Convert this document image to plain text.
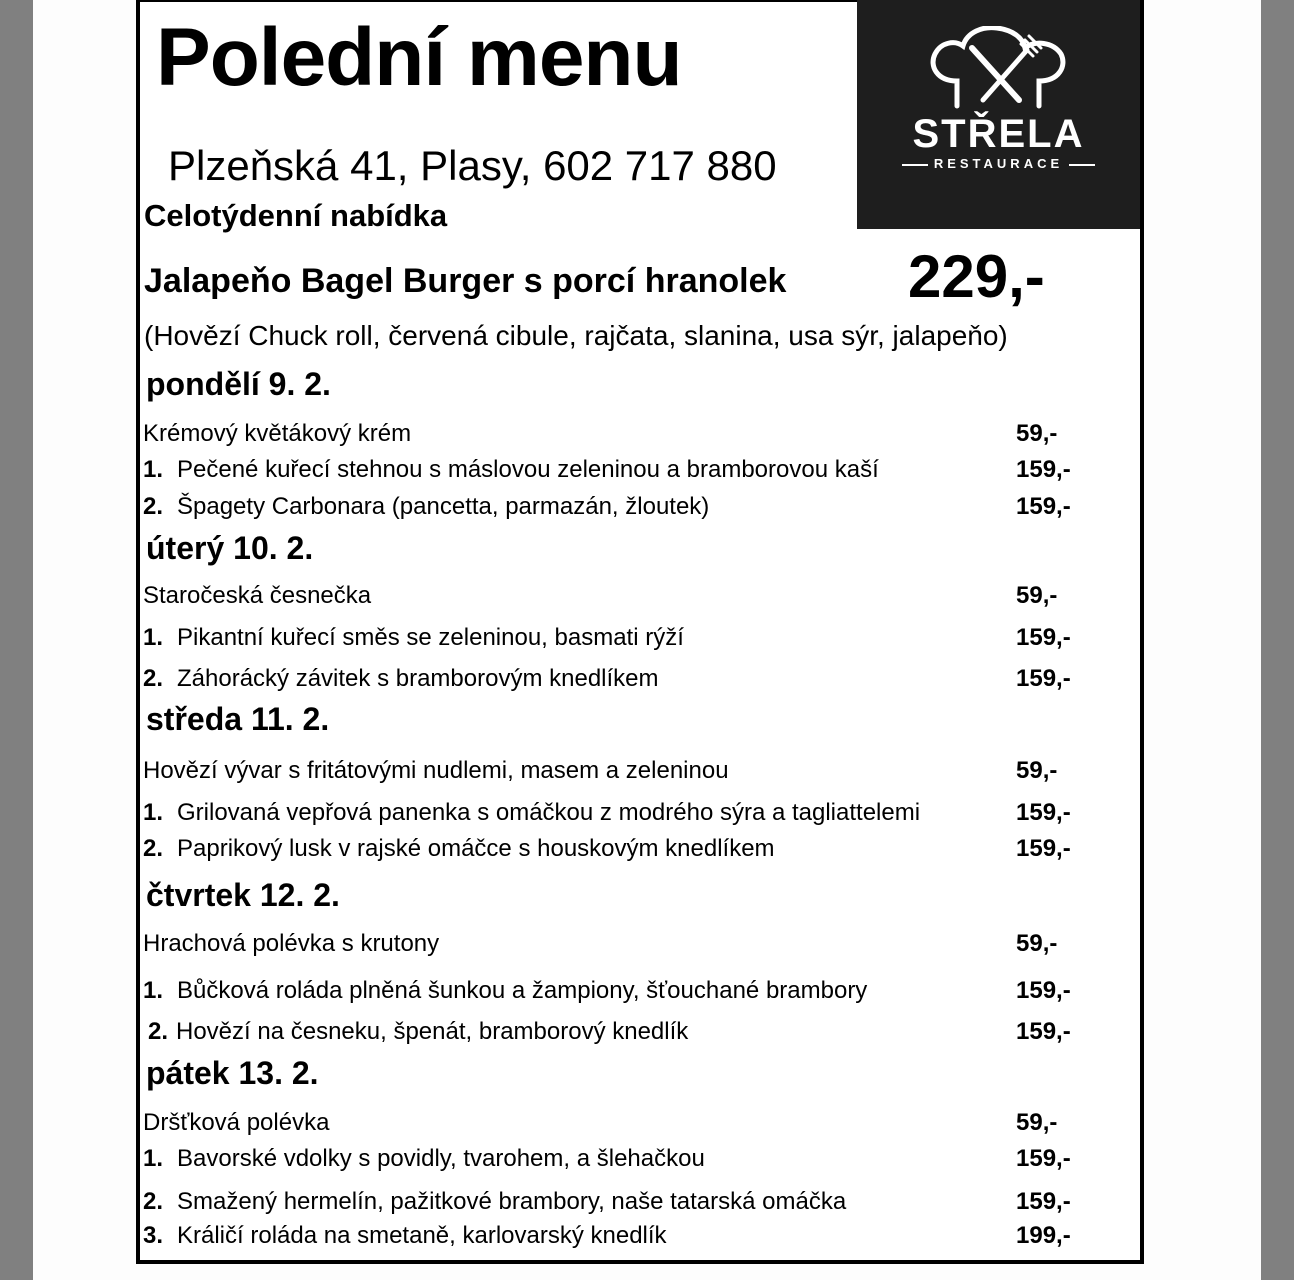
Polední menu
Plzeňská 41, Plasy, 602 717 880
STŘELA
RESTAURACE
Celotýdenní nabídka
Jalapeňo Bagel Burger s porcí hranolek 229,-
(Hovězí Chuck roll, červená cibule, rajčata, slanina, usa sýr, jalapeňo)
pondělí 9. 2.
Krémový květákový krém	59,-
1. Pečené kuřecí stehnou s máslovou zeleninou a bramborovou kaší	159,-
2. Špagety Carbonara (pancetta, parmazán, žloutek)	159,-
úterý 10. 2.
Staročeská česnečka	59,-
1. Pikantní kuřecí směs se zeleninou, basmati rýží	159,-
2. Záhorácký závitek s bramborovým knedlíkem	159,-
středa 11. 2.
Hovězí vývar s fritátovými nudlemi, masem a zeleninou	59,-
1. Grilovaná vepřová panenka s omáčkou z modrého sýra a tagliattelemi	159,-
2. Paprikový lusk v rajské omáčce s houskovým knedlíkem	159,-
čtvrtek 12. 2.
Hrachová polévka s krutony	59,-
1. Bůčková roláda plněná šunkou a žampiony, šťouchané brambory	159,-
2. Hovězí na česneku, špenát, bramborový knedlík	159,-
pátek 13. 2.
Dršťková polévka	59,-
1. Bavorské vdolky s povidly, tvarohem, a šlehačkou	159,-
2. Smažený hermelín, pažitkové brambory, naše tatarská omáčka	159,-
3. Králičí roláda na smetaně, karlovarský knedlík	199,-
